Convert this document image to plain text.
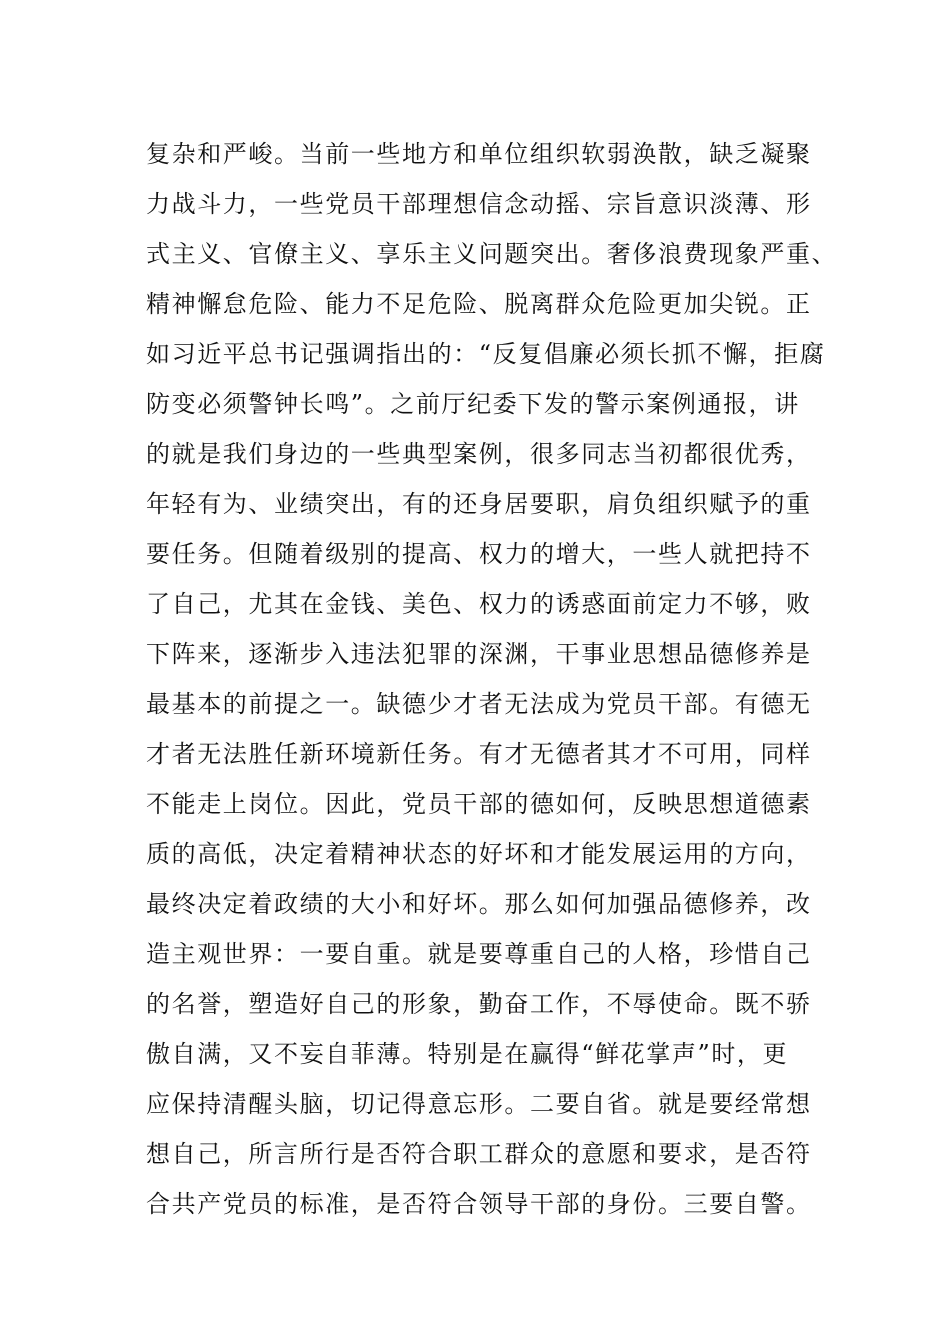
复杂和严峻。当前一些地方和单位组织软弱涣散，缺乏凝聚
力战斗力，一些党员干部理想信念动摇、宗旨意识淡薄、形
式主义、官僚主义、享乐主义问题突出。奢侈浪费现象严重、
精神懈怠危险、能力不足危险、脱离群众危险更加尖锐。正
如习近平总书记强调指出的：“反复倡廉必须长抓不懈，拒腐
防变必须警钟长鸣”。之前厅纪委下发的警示案例通报，讲
的就是我们身边的一些典型案例，很多同志当初都很优秀，
年轻有为、业绩突出，有的还身居要职，肩负组织赋予的重
要任务。但随着级别的提高、权力的增大，一些人就把持不
了自己，尤其在金钱、美色、权力的诱惑面前定力不够，败
下阵来，逐渐步入违法犯罪的深渊，干事业思想品德修养是
最基本的前提之一。缺德少才者无法成为党员干部。有德无
才者无法胜任新环境新任务。有才无德者其才不可用，同样
不能走上岗位。因此，党员干部的德如何，反映思想道德素
质的高低，决定着精神状态的好坏和才能发展运用的方向，
最终决定着政绩的大小和好坏。那么如何加强品德修养，改
造主观世界：一要自重。就是要尊重自己的人格，珍惜自己
的名誉，塑造好自己的形象，勤奋工作，不辱使命。既不骄
傲自满，又不妄自菲薄。特别是在赢得“鲜花掌声”时，更
应保持清醒头脑，切记得意忘形。二要自省。就是要经常想
想自己，所言所行是否符合职工群众的意愿和要求，是否符
合共产党员的标准，是否符合领导干部的身份。三要自警。
